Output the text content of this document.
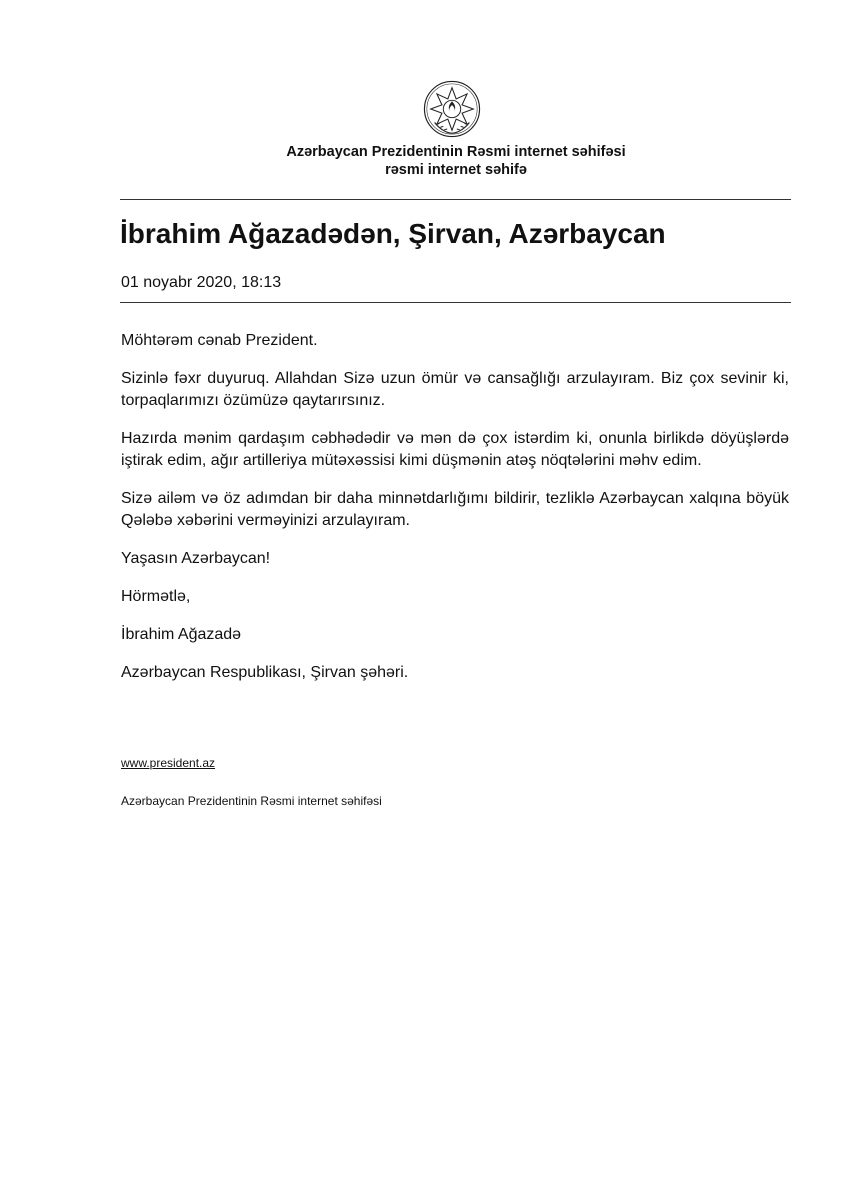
Azərbaycan Prezidentinin Rəsmi internet səhifəsi
rəsmi internet səhifə
İbrahim Ağazadədən, Şirvan, Azərbaycan
01 noyabr 2020, 18:13

Möhtərəm cənab Prezident.

Sizinlə fəxr duyuruq. Allahdan Sizə uzun ömür və cansağlığı arzulayıram. Biz çox sevinir ki, torpaqlarımızı özümüzə qaytarırsınız.

Hazırda mənim qardaşım cəbhədədir və mən də çox istərdim ki, onunla birlikdə döyüşlərdə iştirak edim, ağır artilleriya mütəxəssisi kimi düşmənin atəş nöqtələrini məhv edim.

Sizə ailəm və öz adımdan bir daha minnətdarlığımı bildirir, tezliklə Azərbaycan xalqına böyük Qələbə xəbərini verməyinizi arzulayıram.

Yaşasın Azərbaycan!

Hörmətlə,

İbrahim Ağazadə

Azərbaycan Respublikası, Şirvan şəhəri.

www.president.az
Azərbaycan Prezidentinin Rəsmi internet səhifəsi
